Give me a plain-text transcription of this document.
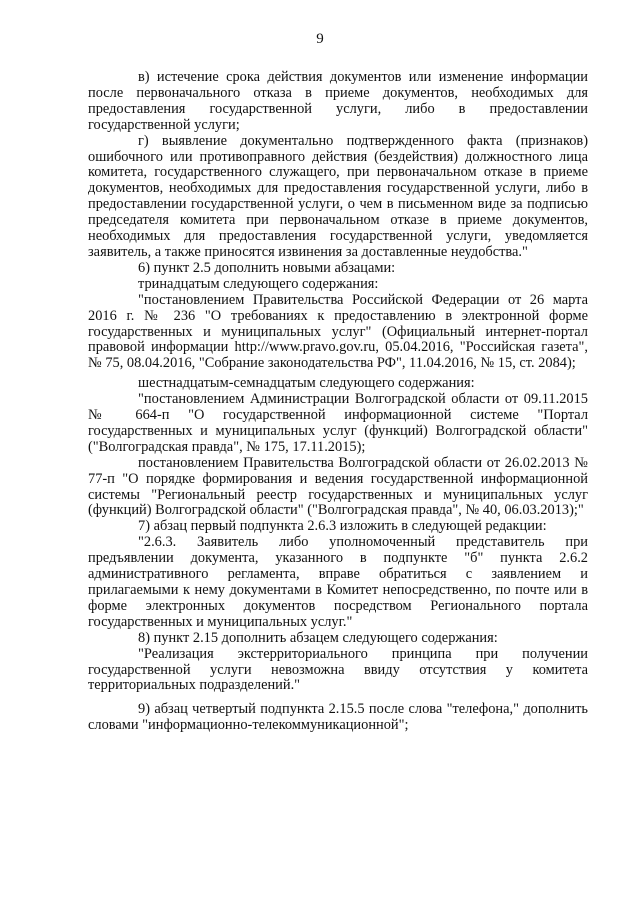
9

в) истечение срока действия документов или изменение информации после первоначального отказа в приеме документов, необходимых для предоставления государственной услуги, либо в предоставлении государственной услуги;

г) выявление документально подтвержденного факта (признаков) ошибочного или противоправного действия (бездействия) должностного лица комитета, государственного служащего, при первоначальном отказе в приеме документов, необходимых для предоставления государственной услуги, либо в предоставлении государственной услуги, о чем в письменном виде за подписью председателя комитета при первоначальном отказе в приеме документов, необходимых для предоставления государственной услуги, уведомляется заявитель, а также приносятся извинения за доставленные неудобства."

6) пункт 2.5 дополнить новыми абзацами:

тринадцатым следующего содержания:

"постановлением Правительства Российской Федерации от 26 марта 2016 г. № 236 "О требованиях к предоставлению в электронной форме государственных и муниципальных услуг" (Официальный интернет-портал правовой информации http://www.pravo.gov.ru, 05.04.2016, "Российская газета", № 75, 08.04.2016, "Собрание законодательства РФ", 11.04.2016, № 15, ст. 2084);

шестнадцатым-семнадцатым следующего содержания:

"постановлением Администрации Волгоградской области от 09.11.2015 № 664-п "О государственной информационной системе "Портал государственных и муниципальных услуг (функций) Волгоградской области" ("Волгоградская правда", № 175, 17.11.2015);

постановлением Правительства Волгоградской области от 26.02.2013 № 77-п "О порядке формирования и ведения государственной информационной системы "Региональный реестр государственных и муниципальных услуг (функций) Волгоградской области" ("Волгоградская правда", № 40, 06.03.2013);"

7) абзац первый подпункта 2.6.3 изложить в следующей редакции:

"2.6.3. Заявитель либо уполномоченный представитель при предъявлении документа, указанного в подпункте "б" пункта 2.6.2 административного регламента, вправе обратиться с заявлением и прилагаемыми к нему документами в Комитет непосредственно, по почте или в форме электронных документов посредством Регионального портала государственных и муниципальных услуг."

8) пункт 2.15 дополнить абзацем следующего содержания:

"Реализация экстерриториального принципа при получении государственной услуги невозможна ввиду отсутствия у комитета территориальных подразделений."

9) абзац четвертый подпункта 2.15.5 после слова "телефона," дополнить словами "информационно-телекоммуникационной";
